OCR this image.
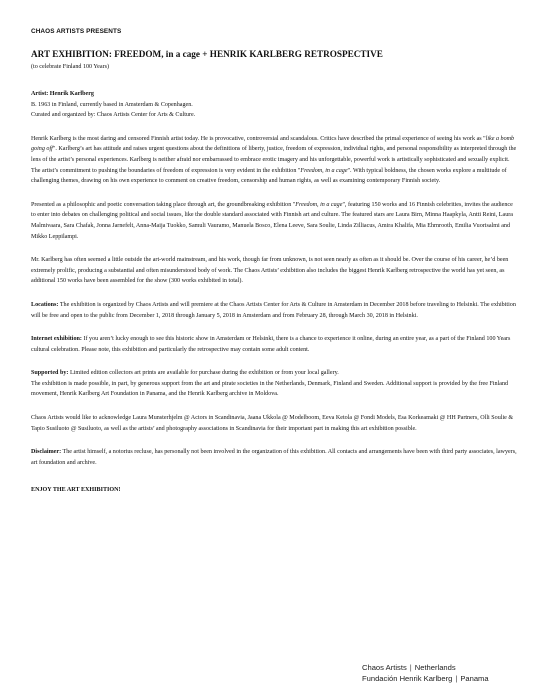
CHAOS ARTISTS PRESENTS

ART EXHIBITION: FREEDOM, in a cage + HENRIK KARLBERG RETROSPECTIVE

(to celebrate Finland 100 Years)

Artist: Henrik Karlberg

B. 1963 in Finland, currently based in Amsterdam & Copenhagen.

Curated and organized by: Chaos Artists Center for Arts & Culture.

Henrik Karlberg is the most daring and censored Finnish artist today. He is provocative, controversial and scandalous. Critics have described the primal experience of seeing his work as "like a bomb going off". Karlberg’s art has attitude and raises urgent questions about the definitions of liberty, justice, freedom of expression, individual rights, and personal responsibility as interpreted through the lens of the artist’s personal experiences. Karlberg is neither afraid nor embarrassed to embrace erotic imagery and his unforgettable, powerful work is artistically sophisticated and sexually explicit. The artist’s commitment to pushing the boundaries of freedom of expression is very evident in the exhibition "Freedom, in a cage". With typical boldness, the chosen works explore a multitude of challenging themes, drawing on his own experience to comment on creative freedom, censorship and human rights, as well as examining contemporary Finnish society.

Presented as a philosophic and poetic conversation taking place through art, the groundbreaking exhibition "Freedom, in a cage", featuring 150 works and 16 Finnish celebrities, invites the audience to enter into debates on challenging political and social issues, like the double standard associated with Finnish art and culture. The featured stars are Laura Birn, Minna Haapkyla, Antti Reini, Laura Malmivaara, Sara Chafak, Jonna Jarnefelt, Anna-Maija Tuokko, Samuli Vauramo, Manuela Bosco, Elena Leeve, Sara Soulie, Linda Zilliacus, Amira Khalifa, Mia Ehrnrooth, Emilia Vuorisalmi and Mikko Leppilampi.

Mr. Karlberg has often seemed a little outside the art-world mainstream, and his work, though far from unknown, is not seen nearly as often as it should be. Over the course of his career, he’d been extremely prolific, producing a substantial and often misunderstood body of work. The Chaos Artists’ exhibition also includes the biggest Henrik Karlberg retrospective the world has yet seen, as additional 150 works have been assembled for the show (300 works exhibited in total).

Locations: The exhibition is organized by Chaos Artists and will premiere at the Chaos Artists Center for Arts & Culture in Amsterdam in December 2018 before traveling to Helsinki. The exhibition will be free and open to the public from December 1, 2018 through January 5, 2018 in Amsterdam and from February 28, through March 30, 2018 in Helsinki.

Internet exhibition: If you aren’t lucky enough to see this historic show in Amsterdam or Helsinki, there is a chance to experience it online, during an entire year, as a part of the Finland 100 Years cultural celebration. Please note, this exhibition and particularly the retrospective may contain some adult content.

Supported by: Limited edition collectors art prints are available for purchase during the exhibition or from your local gallery.

The exhibition is made possible, in part, by generous support from the art and pirate societies in the Netherlands, Denmark, Finland and Sweden. Additional support is provided by the free Finland movement, Henrik Karlberg Art Foundation in Panama, and the Henrik Karlberg archive in Moldova.

Chaos Artists would like to acknowledge Laura Munsterhjelm @ Actors in Scandinavia, Jaana Ukkola @ Modelboom, Eeva Ketola @ Fondi Models, Esa Korkeamaki @ HH Partners, Olli Soulie & Tapio Susiluoto @ Susiluoto, as well as the artists’ and photography associations in Scandinavia for their important part in making this art exhibition possible.

Disclaimer: The artist himself, a notorius recluse, has personally not been involved in the organization of this exhibition. All contacts and arrangements have been with third party associates, lawyers, art foundation and archive.

ENJOY THE ART EXHIBITION!

Chaos Artists | Netherlands
Fundación Henrik Karlberg | Panama
